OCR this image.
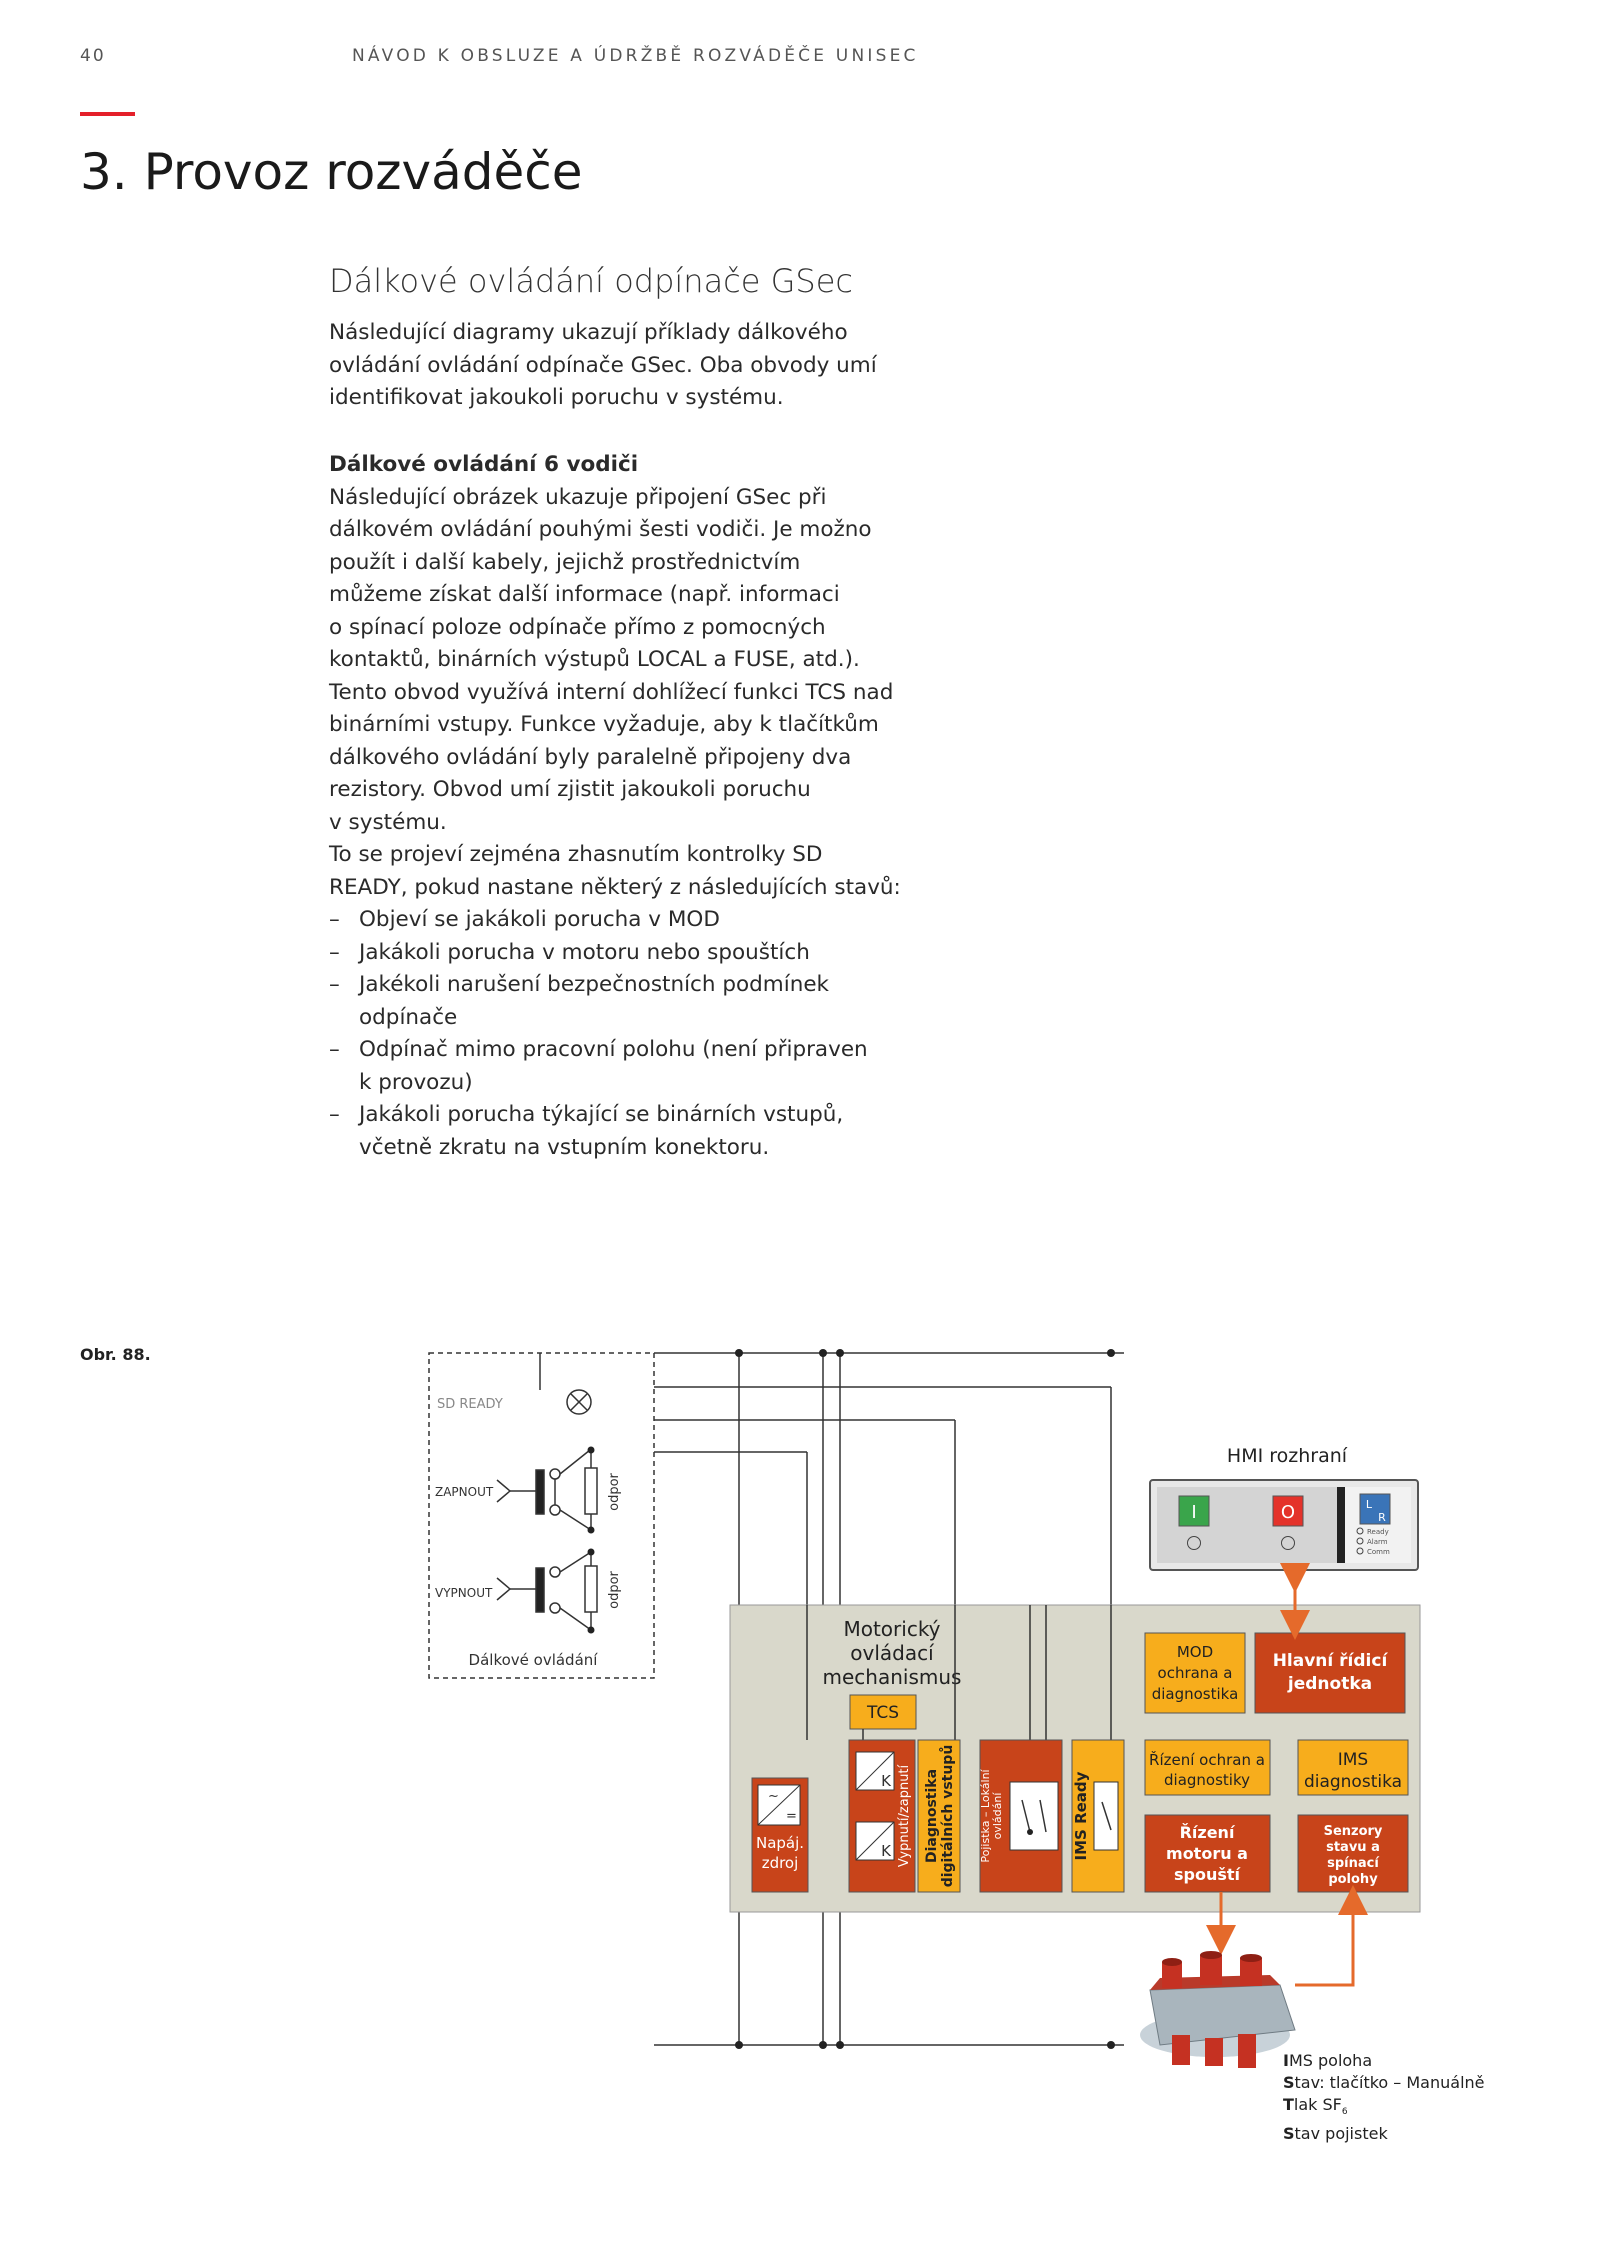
40	NÁVOD K OBSLUZE A ÚDRŽBĚ ROZVÁDĚČE UNISEC
3. Provoz rozváděče
Dálkové ovládání odpínače GSec
Následující diagramy ukazují příklady dálkového
ovládání ovládání odpínače GSec. Oba obvody umí
identifikovat jakoukoli poruchu v systému.
Dálkové ovládání 6 vodiči
Následující obrázek ukazuje připojení GSec při
dálkovém ovládání pouhými šesti vodiči. Je možno
použít i další kabely, jejichž prostřednictvím
můžeme získat další informace (např. informaci
o spínací poloze odpínače přímo z pomocných
kontaktů, binárních výstupů LOCAL a FUSE, atd.).
Tento obvod využívá interní dohlížecí funkci TCS nad
binárními vstupy. Funkce vyžaduje, aby k tlačítkům
dálkového ovládání byly paralelně připojeny dva
rezistory. Obvod umí zjistit jakoukoli poruchu
v systému.
To se projeví zejména zhasnutím kontrolky SD
READY, pokud nastane některý z následujících stavů:
– Objeví se jakákoli porucha v MOD
– Jakákoli porucha v motoru nebo spouštích
– Jakékoli narušení bezpečnostních podmínek
odpínače
– Odpínač mimo pracovní polohu (není připraven
k provozu)
– Jakákoli porucha týkající se binárních vstupů,
včetně zkratu na vstupním konektoru.
Obr. 88.
SD READY
ZAPNOUT	odpor
VYPNOUT	odpor
Dálkové ovládání
HMI rozhraní
I	O	L
R
Ready
Alarm
Comm
Motorický
ovládací
mechanismus
TCS
~
=
Napáj.
zdroj
K
K Vypnutí/zapnutí Diagnostika digitálních vstupů Pojistka – Lokální ovládání	IMS Ready
MOD
ochrana a
diagnostika
Hlavní řídicí
jednotka
Řízení ochran a
diagnostiky
IMS
diagnostika
Řízení
motoru a
spouští
Senzory
stavu a
spínací
polohy
IMS poloha
Stav: tlačítko – Manuálně
Tlak $SF_6$
Stav pojistek
